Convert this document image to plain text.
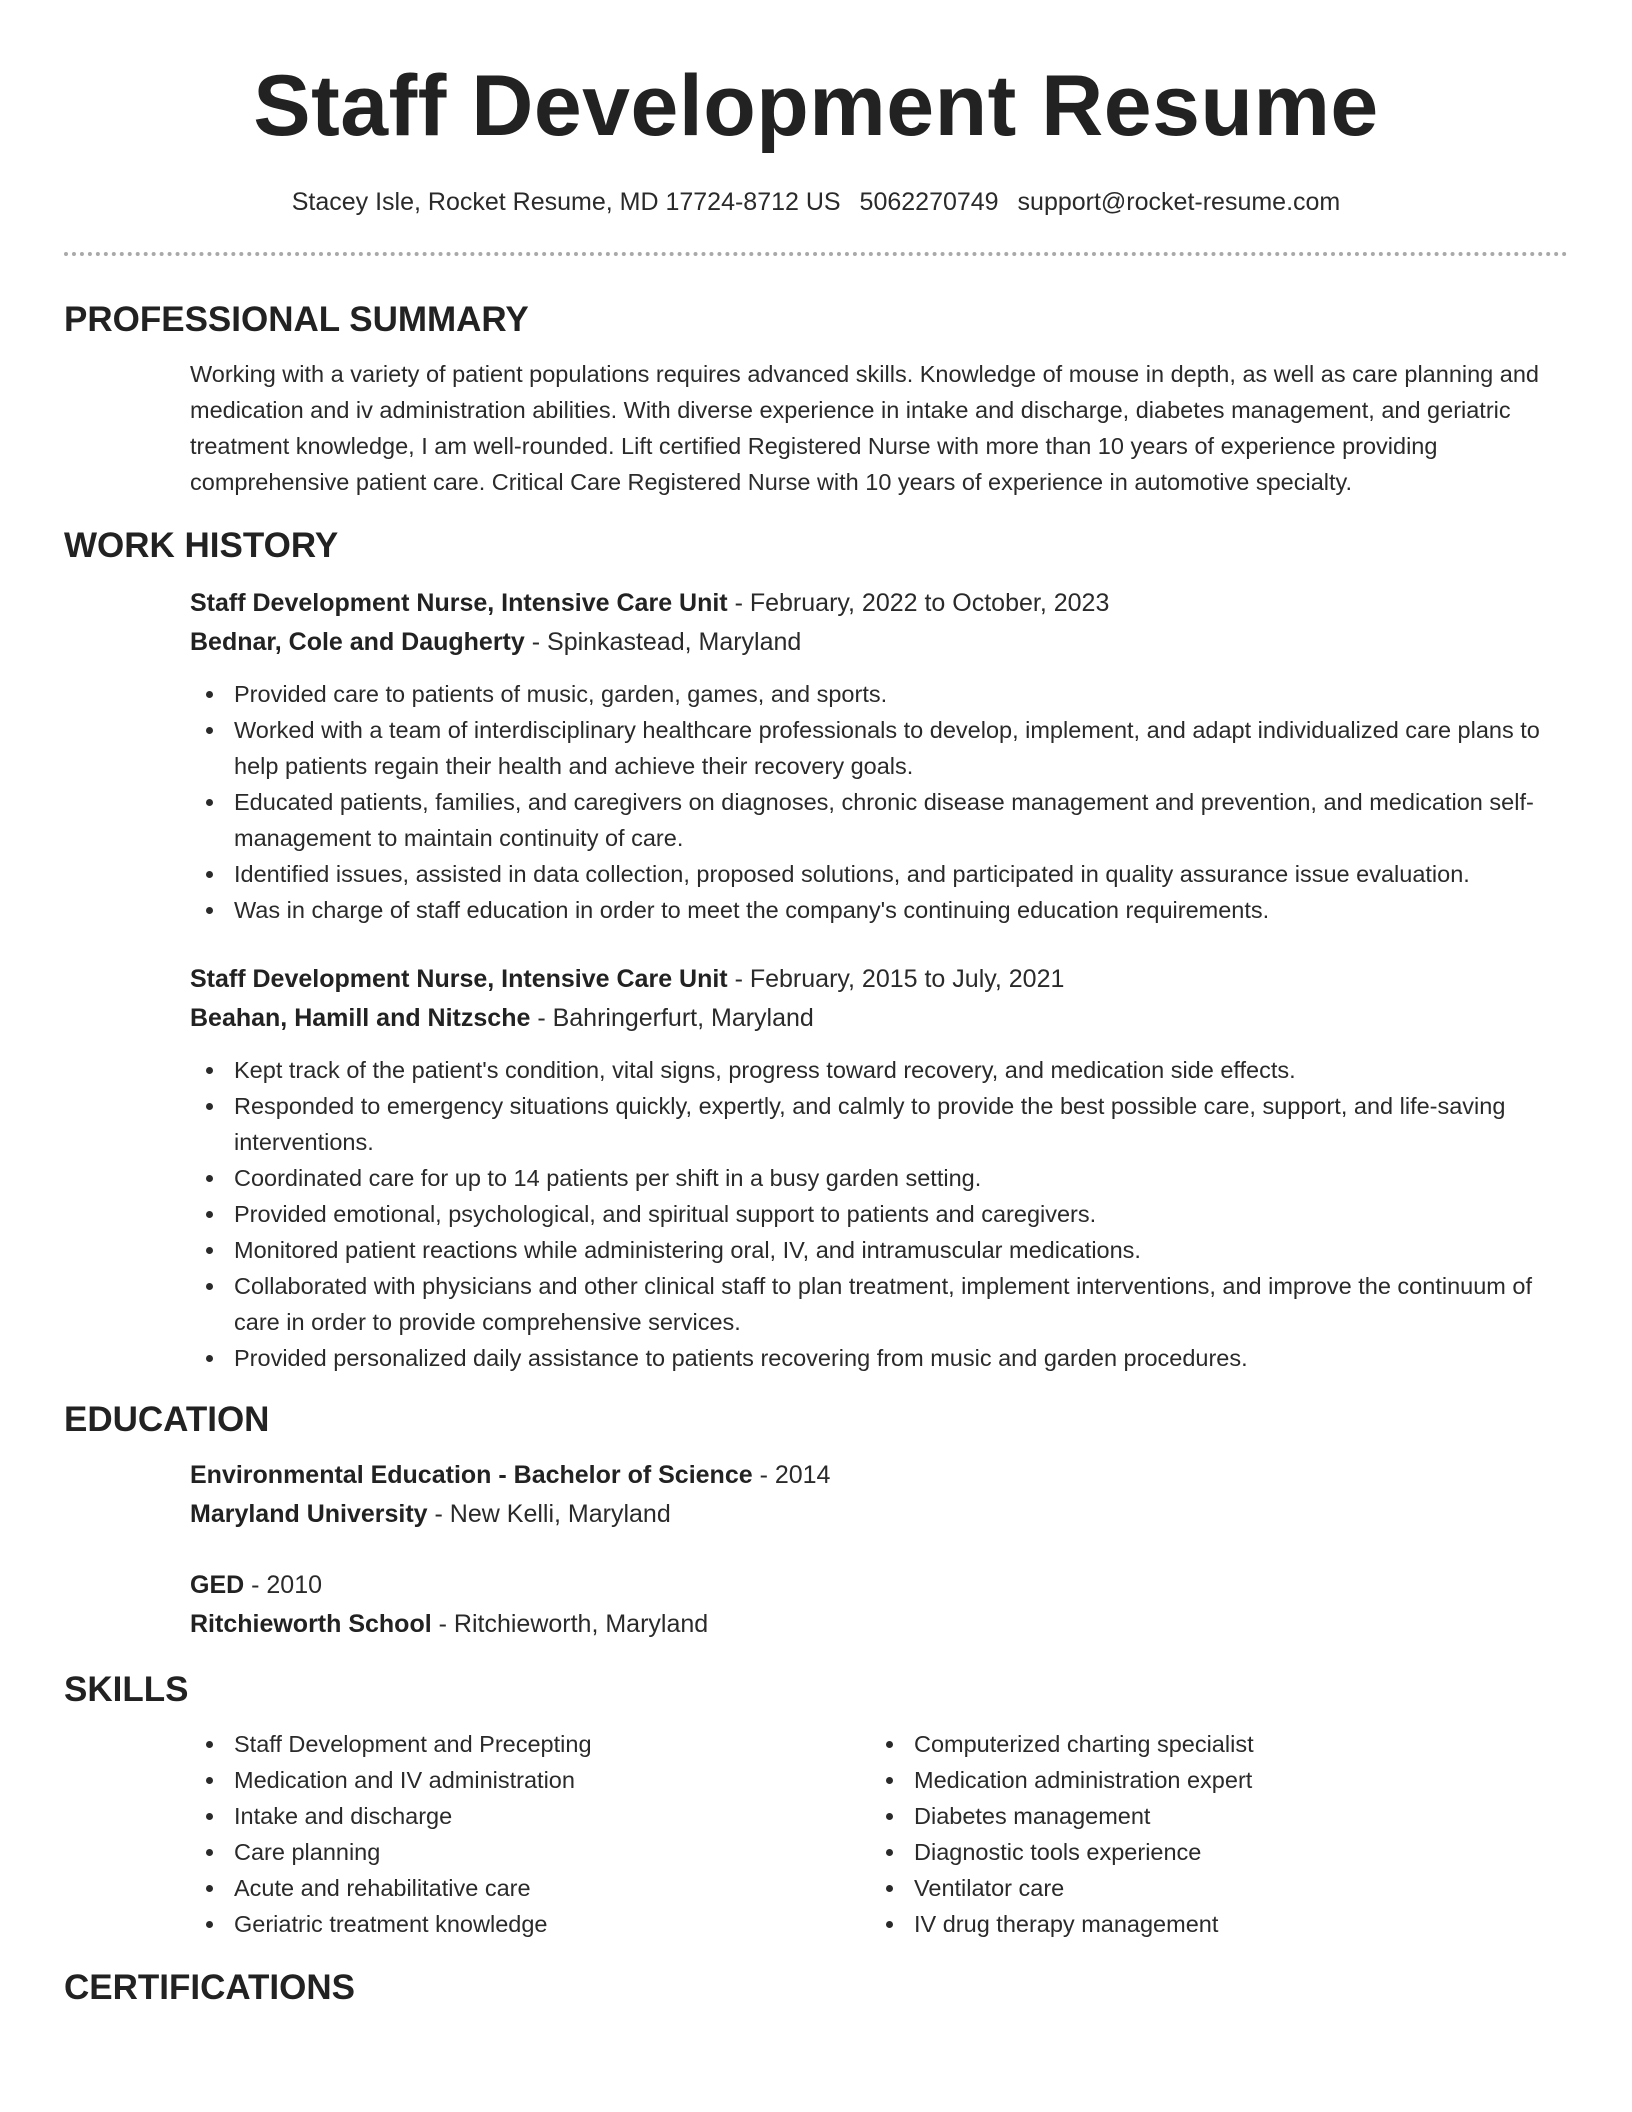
Staff Development Resume
Stacey Isle, Rocket Resume, MD 17724-8712 US 5062270749 support@rocket-resume.com
PROFESSIONAL SUMMARY

Working with a variety of patient populations requires advanced skills. Knowledge of mouse in depth, as well as care planning and medication and iv administration abilities. With diverse experience in intake and discharge, diabetes management, and geriatric treatment knowledge, I am well-rounded. Lift certified Registered Nurse with more than 10 years of experience providing comprehensive patient care. Critical Care Registered Nurse with 10 years of experience in automotive specialty.

WORK HISTORY
Staff Development Nurse, Intensive Care Unit - February, 2022 to October, 2023
Bednar, Cole and Daugherty - Spinkastead, Maryland
Provided care to patients of music, garden, games, and sports.
Worked with a team of interdisciplinary healthcare professionals to develop, implement, and adapt individualized care plans to help patients regain their health and achieve their recovery goals.
Educated patients, families, and caregivers on diagnoses, chronic disease management and prevention, and medication self-management to maintain continuity of care.
Identified issues, assisted in data collection, proposed solutions, and participated in quality assurance issue evaluation.
Was in charge of staff education in order to meet the company's continuing education requirements.
Staff Development Nurse, Intensive Care Unit - February, 2015 to July, 2021
Beahan, Hamill and Nitzsche - Bahringerfurt, Maryland
Kept track of the patient's condition, vital signs, progress toward recovery, and medication side effects.
Responded to emergency situations quickly, expertly, and calmly to provide the best possible care, support, and life-saving interventions.
Coordinated care for up to 14 patients per shift in a busy garden setting.
Provided emotional, psychological, and spiritual support to patients and caregivers.
Monitored patient reactions while administering oral, IV, and intramuscular medications.
Collaborated with physicians and other clinical staff to plan treatment, implement interventions, and improve the continuum of care in order to provide comprehensive services.
Provided personalized daily assistance to patients recovering from music and garden procedures.
EDUCATION
Environmental Education - Bachelor of Science - 2014
Maryland University - New Kelli, Maryland
GED - 2010
Ritchieworth School - Ritchieworth, Maryland
SKILLS
Staff Development and Precepting
Medication and IV administration
Intake and discharge
Care planning
Acute and rehabilitative care
Geriatric treatment knowledge
Computerized charting specialist
Medication administration expert
Diabetes management
Diagnostic tools experience
Ventilator care
IV drug therapy management
CERTIFICATIONS
